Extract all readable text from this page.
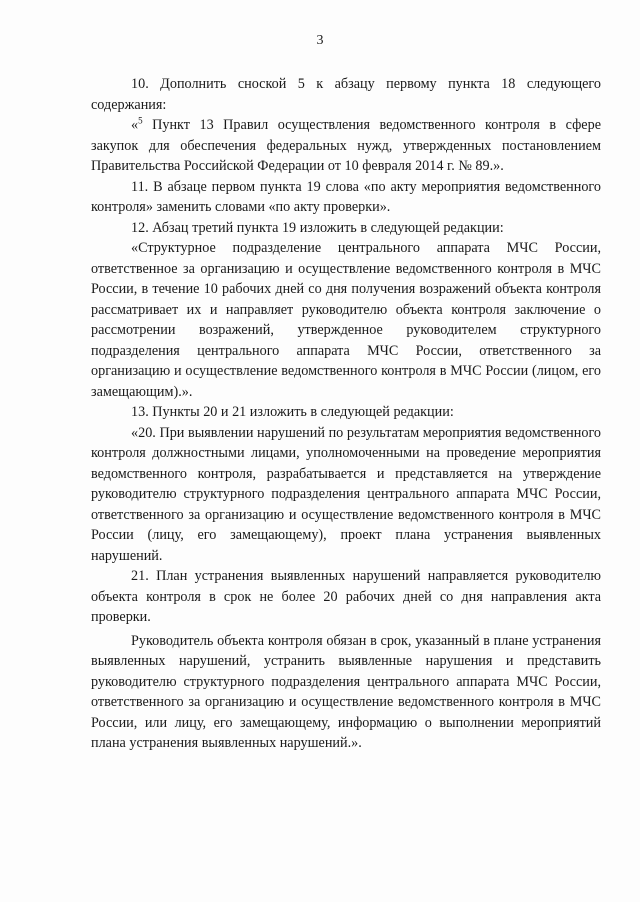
3

10. Дополнить сноской 5 к абзацу первому пункта 18 следующего содержания:

«$^5$ Пункт 13 Правил осуществления ведомственного контроля в сфере закупок для обеспечения федеральных нужд, утвержденных постановлением Правительства Российской Федерации от 10 февраля 2014 г. № 89.».

11. В абзаце первом пункта 19 слова «по акту мероприятия ведомственного контроля» заменить словами «по акту проверки».

12. Абзац третий пункта 19 изложить в следующей редакции:

«Структурное подразделение центрального аппарата МЧС России, ответственное за организацию и осуществление ведомственного контроля в МЧС России, в течение 10 рабочих дней со дня получения возражений объекта контроля рассматривает их и направляет руководителю объекта контроля заключение о рассмотрении возражений, утвержденное руководителем структурного подразделения центрального аппарата МЧС России, ответственного за организацию и осуществление ведомственного контроля в МЧС России (лицом, его замещающим).».

13. Пункты 20 и 21 изложить в следующей редакции:

«20. При выявлении нарушений по результатам мероприятия ведомственного контроля должностными лицами, уполномоченными на проведение мероприятия ведомственного контроля, разрабатывается и представляется на утверждение руководителю структурного подразделения центрального аппарата МЧС России, ответственного за организацию и осуществление ведомственного контроля в МЧС России (лицу, его замещающему), проект плана устранения выявленных нарушений.

21. План устранения выявленных нарушений направляется руководителю объекта контроля в срок не более 20 рабочих дней со дня направления акта проверки.

Руководитель объекта контроля обязан в срок, указанный в плане устранения выявленных нарушений, устранить выявленные нарушения и представить руководителю структурного подразделения центрального аппарата МЧС России, ответственного за организацию и осуществление ведомственного контроля в МЧС России, или лицу, его замещающему, информацию о выполнении мероприятий плана устранения выявленных нарушений.».
